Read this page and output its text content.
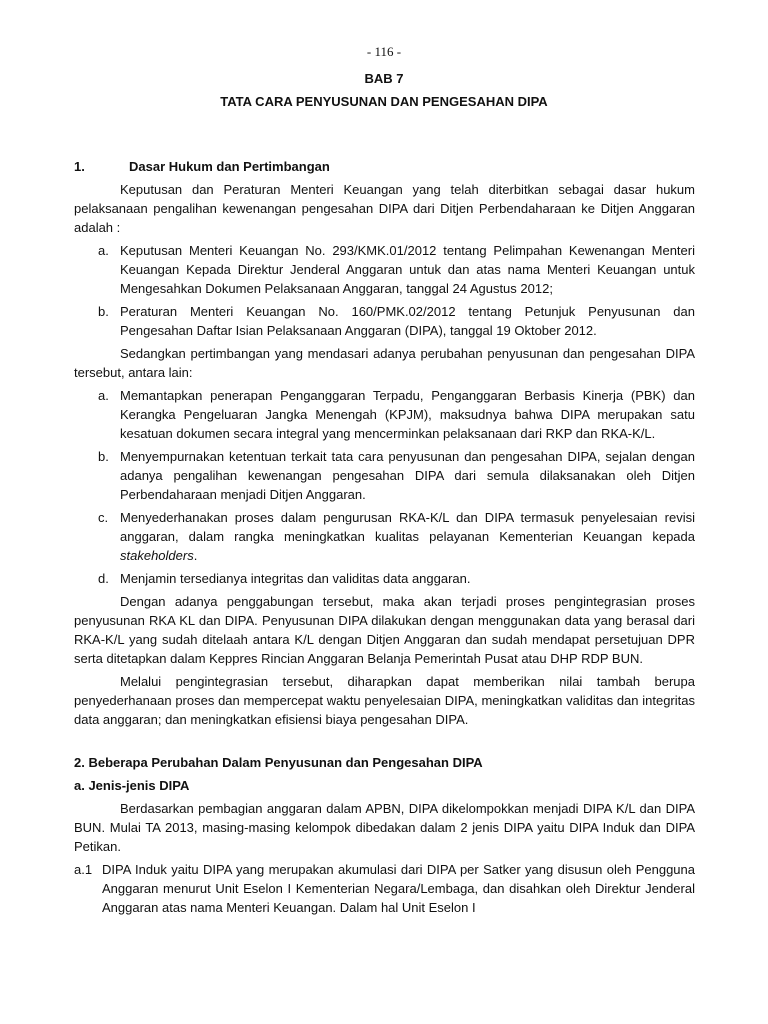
- 116 -
BAB 7
TATA CARA PENYUSUNAN DAN PENGESAHAN DIPA
1.	Dasar Hukum dan Pertimbangan

Keputusan dan Peraturan Menteri Keuangan yang telah diterbitkan sebagai dasar hukum pelaksanaan pengalihan kewenangan pengesahan DIPA dari Ditjen Perbendaharaan ke Ditjen Anggaran adalah :

a. Keputusan Menteri Keuangan No. 293/KMK.01/2012 tentang Pelimpahan Kewenangan Menteri Keuangan Kepada Direktur Jenderal Anggaran untuk dan atas nama Menteri Keuangan untuk Mengesahkan Dokumen Pelaksanaan Anggaran, tanggal 24 Agustus 2012;
b. Peraturan Menteri Keuangan No. 160/PMK.02/2012 tentang Petunjuk Penyusunan dan Pengesahan Daftar Isian Pelaksanaan Anggaran (DIPA), tanggal 19 Oktober 2012.

Sedangkan pertimbangan yang mendasari adanya perubahan penyusunan dan pengesahan DIPA tersebut, antara lain:

a. Memantapkan penerapan Penganggaran Terpadu, Penganggaran Berbasis Kinerja (PBK) dan Kerangka Pengeluaran Jangka Menengah (KPJM), maksudnya bahwa DIPA merupakan satu kesatuan dokumen secara integral yang mencerminkan pelaksanaan dari RKP dan RKA-K/L.
b. Menyempurnakan ketentuan terkait tata cara penyusunan dan pengesahan DIPA, sejalan dengan adanya pengalihan kewenangan pengesahan DIPA dari semula dilaksanakan oleh Ditjen Perbendaharaan menjadi Ditjen Anggaran.
c. Menyederhanakan proses dalam pengurusan RKA-K/L dan DIPA termasuk penyelesaian revisi anggaran, dalam rangka meningkatkan kualitas pelayanan Kementerian Keuangan kepada stakeholders.
d. Menjamin tersedianya integritas dan validitas data anggaran.

Dengan adanya penggabungan tersebut, maka akan terjadi proses pengintegrasian proses penyusunan RKA KL dan DIPA. Penyusunan DIPA dilakukan dengan menggunakan data yang berasal dari RKA-K/L yang sudah ditelaah antara K/L dengan Ditjen Anggaran dan sudah mendapat persetujuan DPR serta ditetapkan dalam Keppres Rincian Anggaran Belanja Pemerintah Pusat atau DHP RDP BUN.

Melalui pengintegrasian tersebut, diharapkan dapat memberikan nilai tambah berupa penyederhanaan proses dan mempercepat waktu penyelesaian DIPA, meningkatkan validitas dan integritas data anggaran; dan meningkatkan efisiensi biaya pengesahan DIPA.

2. Beberapa Perubahan Dalam Penyusunan dan Pengesahan DIPA
a. Jenis-jenis DIPA

Berdasarkan pembagian anggaran dalam APBN, DIPA dikelompokkan menjadi DIPA K/L dan DIPA BUN. Mulai TA 2013, masing-masing kelompok dibedakan dalam 2 jenis DIPA yaitu DIPA Induk dan DIPA Petikan.

a.1 DIPA Induk yaitu DIPA yang merupakan akumulasi dari DIPA per Satker yang disusun oleh Pengguna Anggaran menurut Unit Eselon I Kementerian Negara/Lembaga, dan disahkan oleh Direktur Jenderal Anggaran atas nama Menteri Keuangan. Dalam hal Unit Eselon I
